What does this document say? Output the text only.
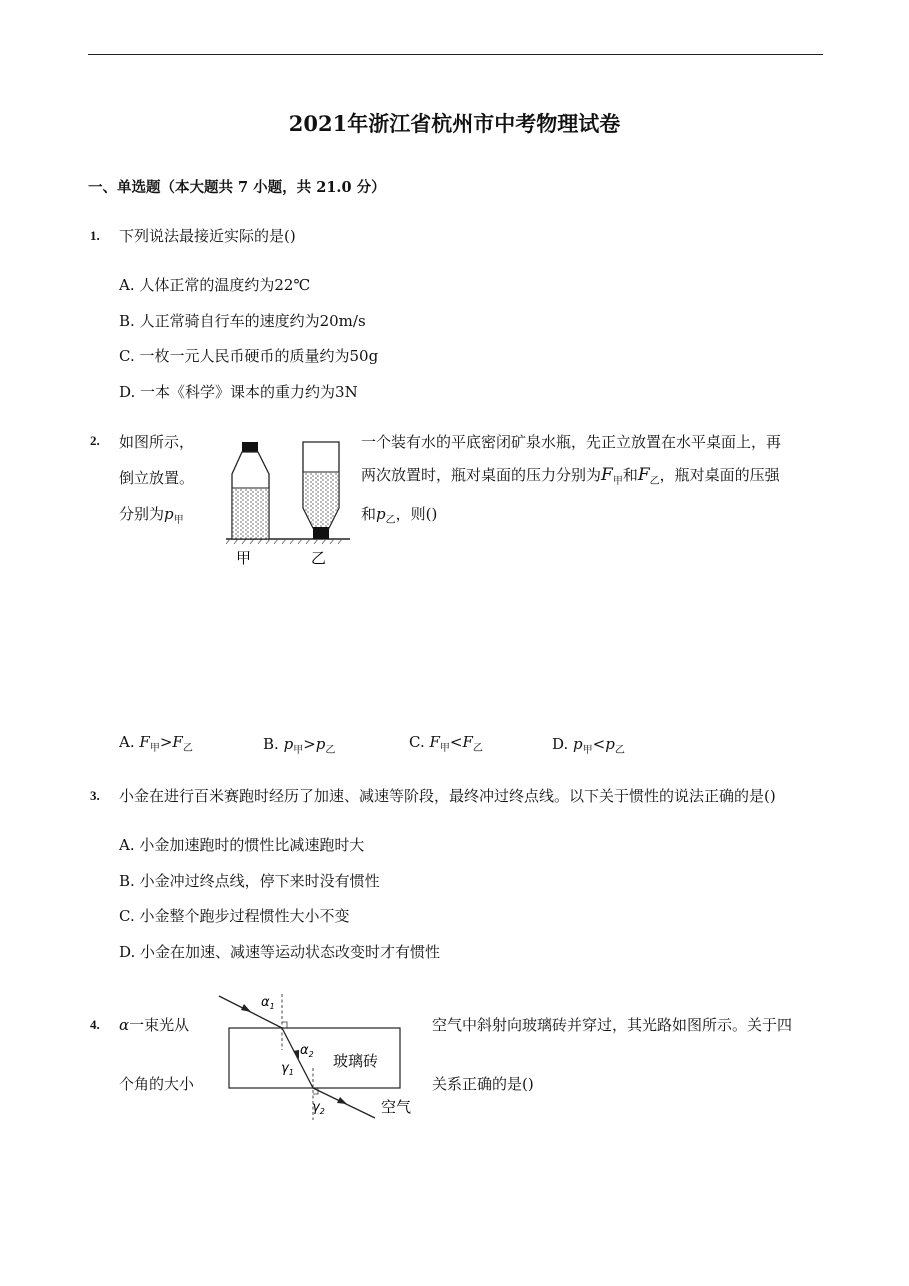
2021年浙江省杭州市中考物理试卷
一、单选题（本大题共 7 小题，共 21.0 分）
1. 下列说法最接近实际的是()
A. 人体正常的温度约为22℃
B. 人正常骑自行车的速度约为20m/s
C. 一枚一元人民币硬币的质量约为50g
D. 一本《科学》课本的重力约为3N
2. 如图所示，	一个装有水的平底密闭矿泉水瓶，先正立放置在水平桌面上，再
倒立放置。	两次放置时，瓶对桌面的压力分别为$F_甲$和$F_乙$，瓶对桌面的压强
分别为$p_甲$	和$p_乙$，则()
甲	乙
A. $F_甲>F_乙$	B. $p_甲>p_乙$	C. $F_甲<F_乙$	D. $p_甲<p_乙$
3. 小金在进行百米赛跑时经历了加速、减速等阶段，最终冲过终点线。以下关于惯性的说法正确的是()
A. 小金加速跑时的惯性比减速跑时大
B. 小金冲过终点线，停下来时没有惯性
C. 小金整个跑步过程惯性大小不变
D. 小金在加速、减速等运动状态改变时才有惯性
4. α一束光从	空气中斜射向玻璃砖并穿过，其光路如图所示。关于四
个角的大小	关系正确的是()
$\alpha_1$
$\alpha_2$
$\gamma_1$
$\gamma_2$
玻璃砖
空气
